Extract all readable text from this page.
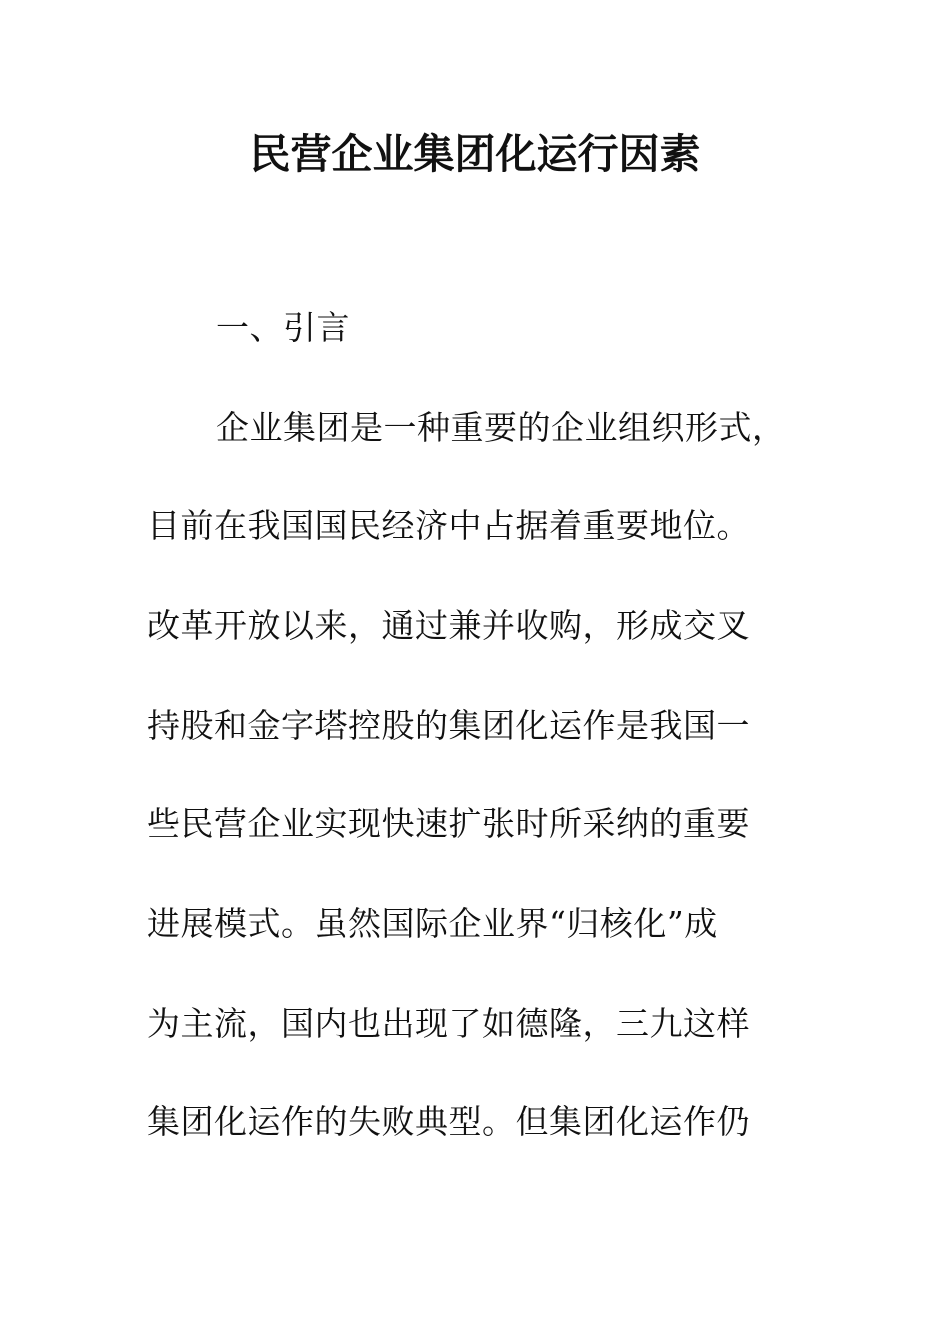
民营企业集团化运行因素
一、引言
企业集团是一种重要的企业组织形式，
目前在我国国民经济中占据着重要地位。
改革开放以来，通过兼并收购，形成交叉
持股和金字塔控股的集团化运作是我国一
些民营企业实现快速扩张时所采纳的重要
进展模式。虽然国际企业界“归核化”成
为主流，国内也出现了如德隆，三九这样
集团化运作的失败典型。但集团化运作仍
